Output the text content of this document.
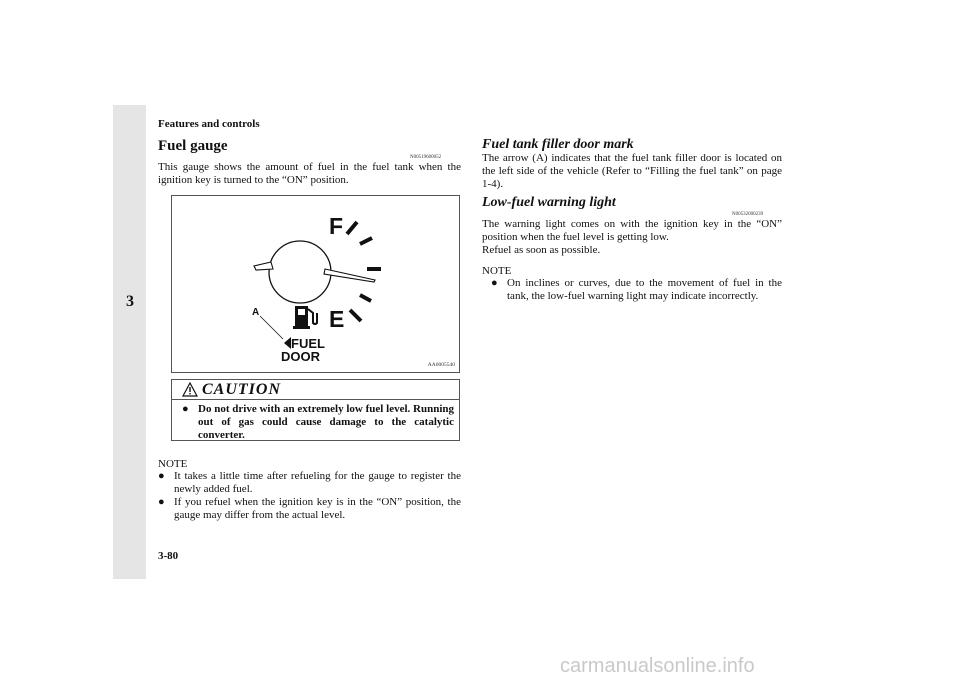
Features and controls
3
Fuel gauge
N00519600052
This gauge shows the amount of fuel in the fuel tank when the ignition key is turned to the “ON” position.
F
E
A
FUEL
DOOR
AA0005540
CAUTION
● Do not drive with an extremely low fuel level. Running out of gas could cause damage to the catalytic converter.
NOTE
● It takes a little time after refueling for the gauge to register the newly added fuel.
● If you refuel when the ignition key is in the “ON” position, the gauge may differ from the actual level.
Fuel tank filler door mark
The arrow (A) indicates that the fuel tank filler door is located on the left side of the vehicle (Refer to “Filling the fuel tank” on page 1-4).
Low-fuel warning light
N00532000239
The warning light comes on with the ignition key in the “ON” position when the fuel level is getting low.
Refuel as soon as possible.
NOTE
● On inclines or curves, due to the movement of fuel in the tank, the low-fuel warning light may indicate incorrectly.
3-80
carmanualsonline.info
